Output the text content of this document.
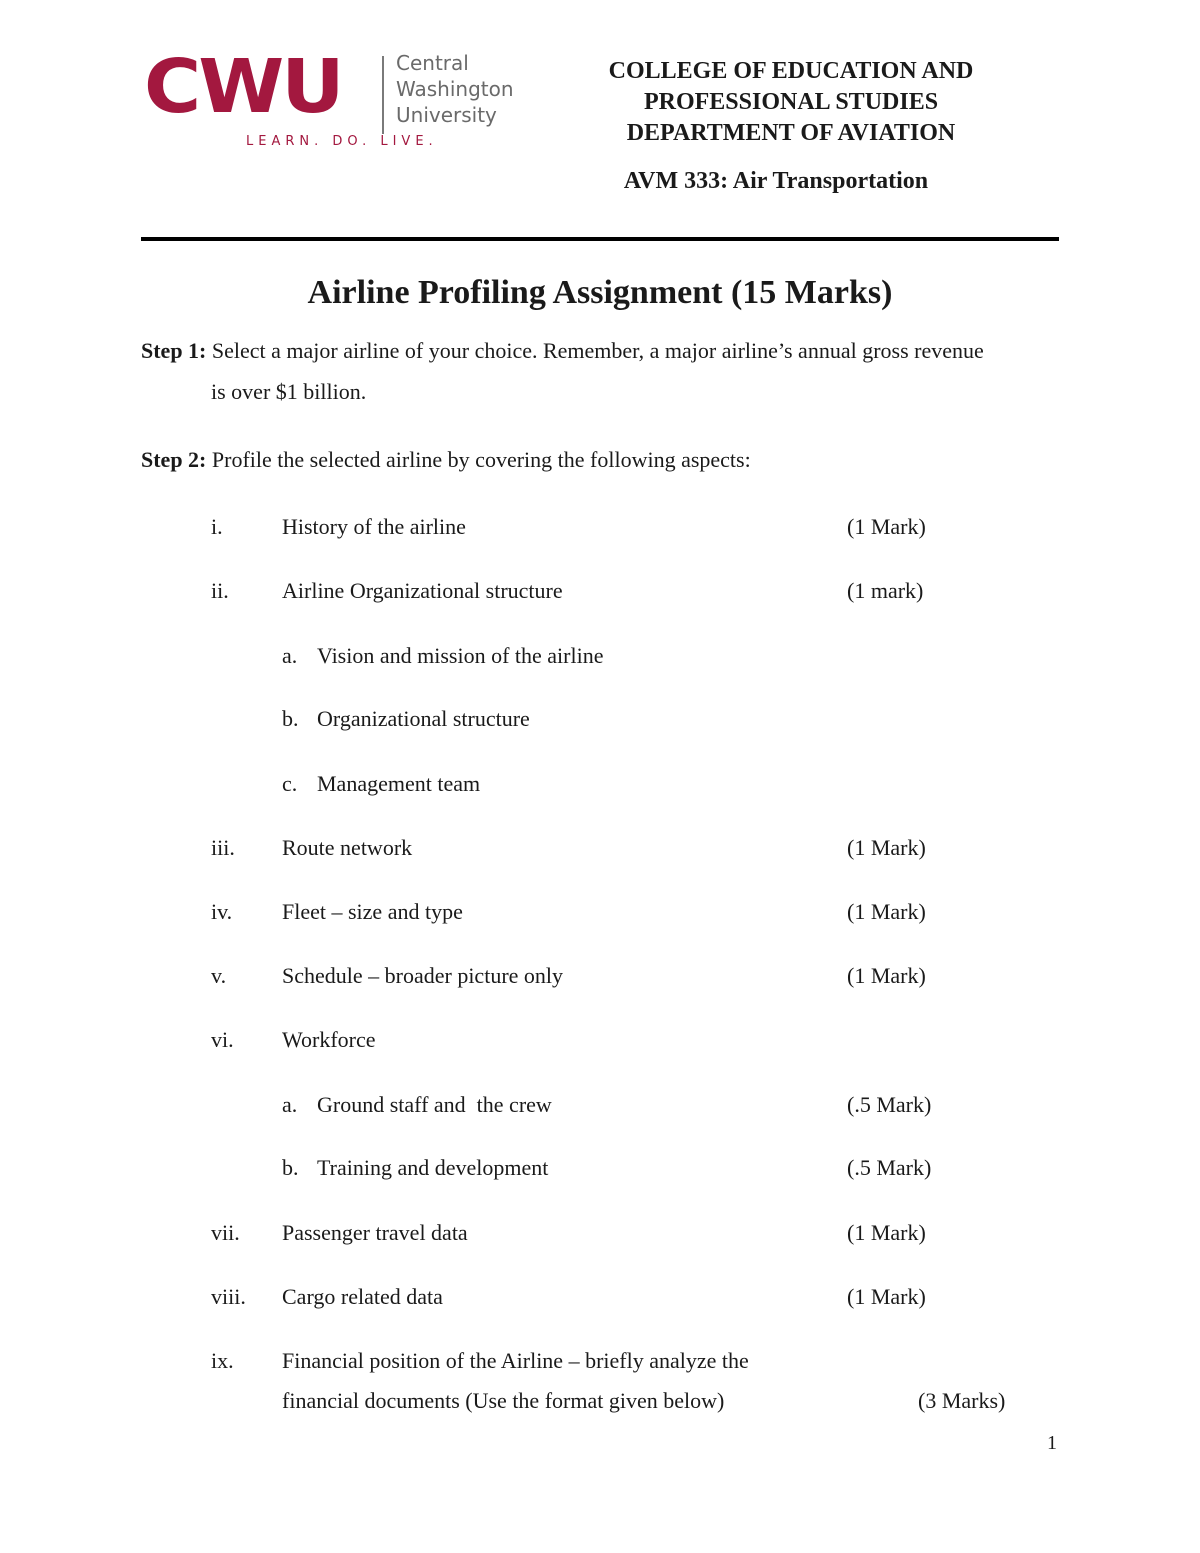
CWU	Central
Washington
University
LEARN. DO. LIVE.
COLLEGE OF EDUCATION AND
PROFESSIONAL STUDIES
DEPARTMENT OF AVIATION
AVM 333: Air Transportation
Airline Profiling Assignment (15 Marks)
Step 1: Select a major airline of your choice. Remember, a major airline’s annual gross revenue
is over $1 billion.
Step 2: Profile the selected airline by covering the following aspects:
i.	History of the airline	(1 Mark)
ii. Airline Organizational structure	(1 mark)
a. Vision and mission of the airline
b. Organizational structure
c. Management team
iii. Route network	(1 Mark)
iv. Fleet – size and type	(1 Mark)
v.	Schedule – broader picture only	(1 Mark)
vi. Workforce
a. Ground staff and  the crew	(.5 Mark)
b. Training and development	(.5 Mark)
vii. Passenger travel data	(1 Mark)
viii. Cargo related data	(1 Mark)
ix. Financial position of the Airline – briefly analyze the
financial documents (Use the format given below)	(3 Marks)
1
